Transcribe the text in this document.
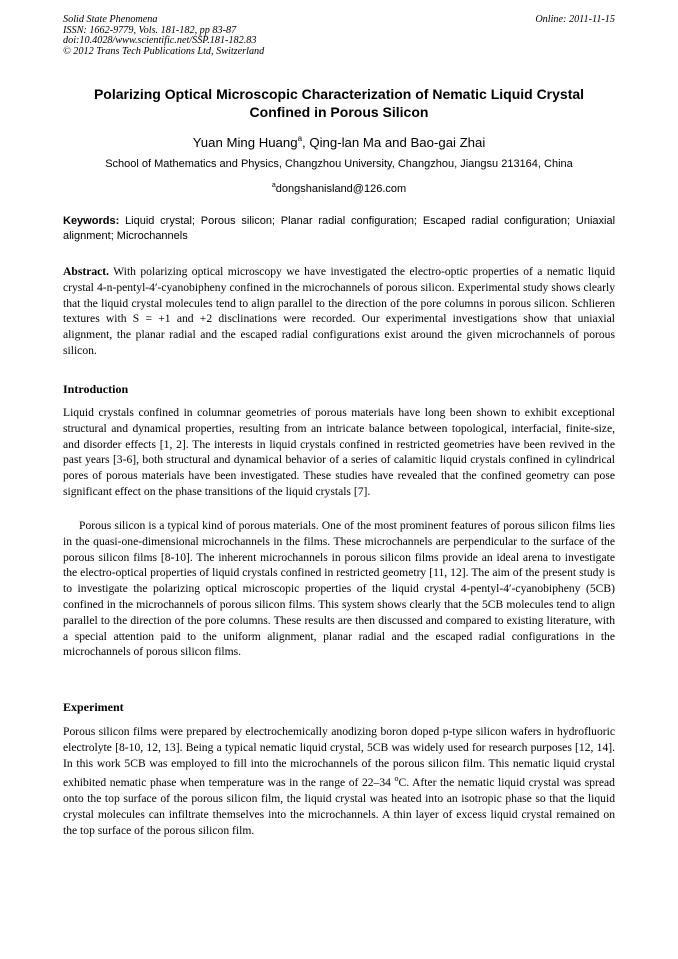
Solid State Phenomena
ISSN: 1662-9779, Vols. 181-182, pp 83-87
doi:10.4028/www.scientific.net/SSP.181-182.83
© 2012 Trans Tech Publications Ltd, Switzerland
Online: 2011-11-15
Polarizing Optical Microscopic Characterization of Nematic Liquid Crystal Confined in Porous Silicon
Yuan Ming Huang$^a$, Qing-lan Ma and Bao-gai Zhai
School of Mathematics and Physics, Changzhou University, Changzhou, Jiangsu 213164, China
$^a$dongshanisland@126.com
Keywords: Liquid crystal; Porous silicon; Planar radial configuration; Escaped radial configuration; Uniaxial alignment; Microchannels
Abstract. With polarizing optical microscopy we have investigated the electro-optic properties of a nematic liquid crystal 4-n-pentyl-4′-cyanobipheny confined in the microchannels of porous silicon. Experimental study shows clearly that the liquid crystal molecules tend to align parallel to the direction of the pore columns in porous silicon. Schlieren textures with S = +1 and +2 disclinations were recorded. Our experimental investigations show that uniaxial alignment, the planar radial and the escaped radial configurations exist around the given microchannels of porous silicon.
Introduction

Liquid crystals confined in columnar geometries of porous materials have long been shown to exhibit exceptional structural and dynamical properties, resulting from an intricate balance between topological, interfacial, finite-size, and disorder effects [1, 2]. The interests in liquid crystals confined in restricted geometries have been revived in the past years [3-6], both structural and dynamical behavior of a series of calamitic liquid crystals confined in cylindrical pores of porous materials have been investigated. These studies have revealed that the confined geometry can pose significant effect on the phase transitions of the liquid crystals [7].

Porous silicon is a typical kind of porous materials. One of the most prominent features of porous silicon films lies in the quasi-one-dimensional microchannels in the films. These microchannels are perpendicular to the surface of the porous silicon films [8-10]. The inherent microchannels in porous silicon films provide an ideal arena to investigate the electro-optical properties of liquid crystals confined in restricted geometry [11, 12]. The aim of the present study is to investigate the polarizing optical microscopic properties of the liquid crystal 4-pentyl-4′-cyanobipheny (5CB) confined in the microchannels of porous silicon films. This system shows clearly that the 5CB molecules tend to align parallel to the direction of the pore columns. These results are then discussed and compared to existing literature, with a special attention paid to the uniform alignment, planar radial and the escaped radial configurations in the microchannels of porous silicon films.

Experiment

Porous silicon films were prepared by electrochemically anodizing boron doped p-type silicon wafers in hydrofluoric electrolyte [8-10, 12, 13]. Being a typical nematic liquid crystal, 5CB was widely used for research purposes [12, 14]. In this work 5CB was employed to fill into the microchannels of the porous silicon film. This nematic liquid crystal exhibited nematic phase when temperature was in the range of 22–34 $^o$C. After the nematic liquid crystal was spread onto the top surface of the porous silicon film, the liquid crystal was heated into an isotropic phase so that the liquid crystal molecules can infiltrate themselves into the microchannels. A thin layer of excess liquid crystal remained on the top surface of the porous silicon film.
